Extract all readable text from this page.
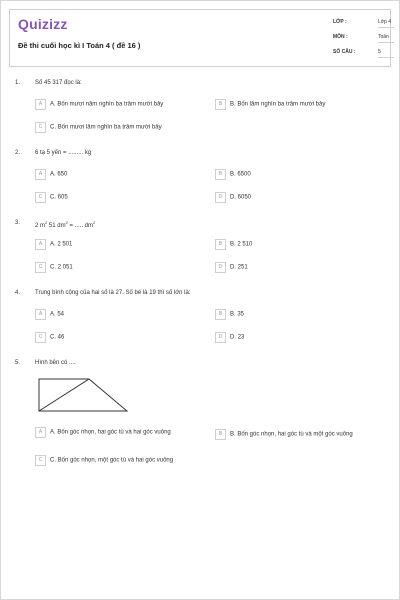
Quizizz
Đề thi cuối học kì I Toán 4 ( đề 16 )
LỚP :	Lớp 4
MÔN :	Toán
SỐ CÂU :	5
1. Số 45 317 đọc là:
A A. Bốn mươi năm nghìn ba trăm mười bảy	B B. Bốn lăm nghìn ba trăm mười bảy
C C. Bốn mươi lăm nghìn ba trăm mười bảy
2. 6 tạ 5 yến = ......... kg
A A. 650	B B. 6500
C C. 605	D D. 6050
3. 2 $m^2$ 51 $dm^2$ = ..... $dm^2$
A A. 2 501	B B. 2 510
C C. 2 051	D D. 251
4. Trung bình cộng của hai số là 27. Số bé là 19 thì số lớn là:
A A. 54	B B. 35
C C. 46	D D. 23
5. Hình bên có ....
A A. Bốn góc nhọn, hai góc tù và hai góc vuông	B B. Bốn góc nhọn, hai góc tù và một góc vuông
C C. Bốn góc nhọn, một góc tù và hai góc vuông
